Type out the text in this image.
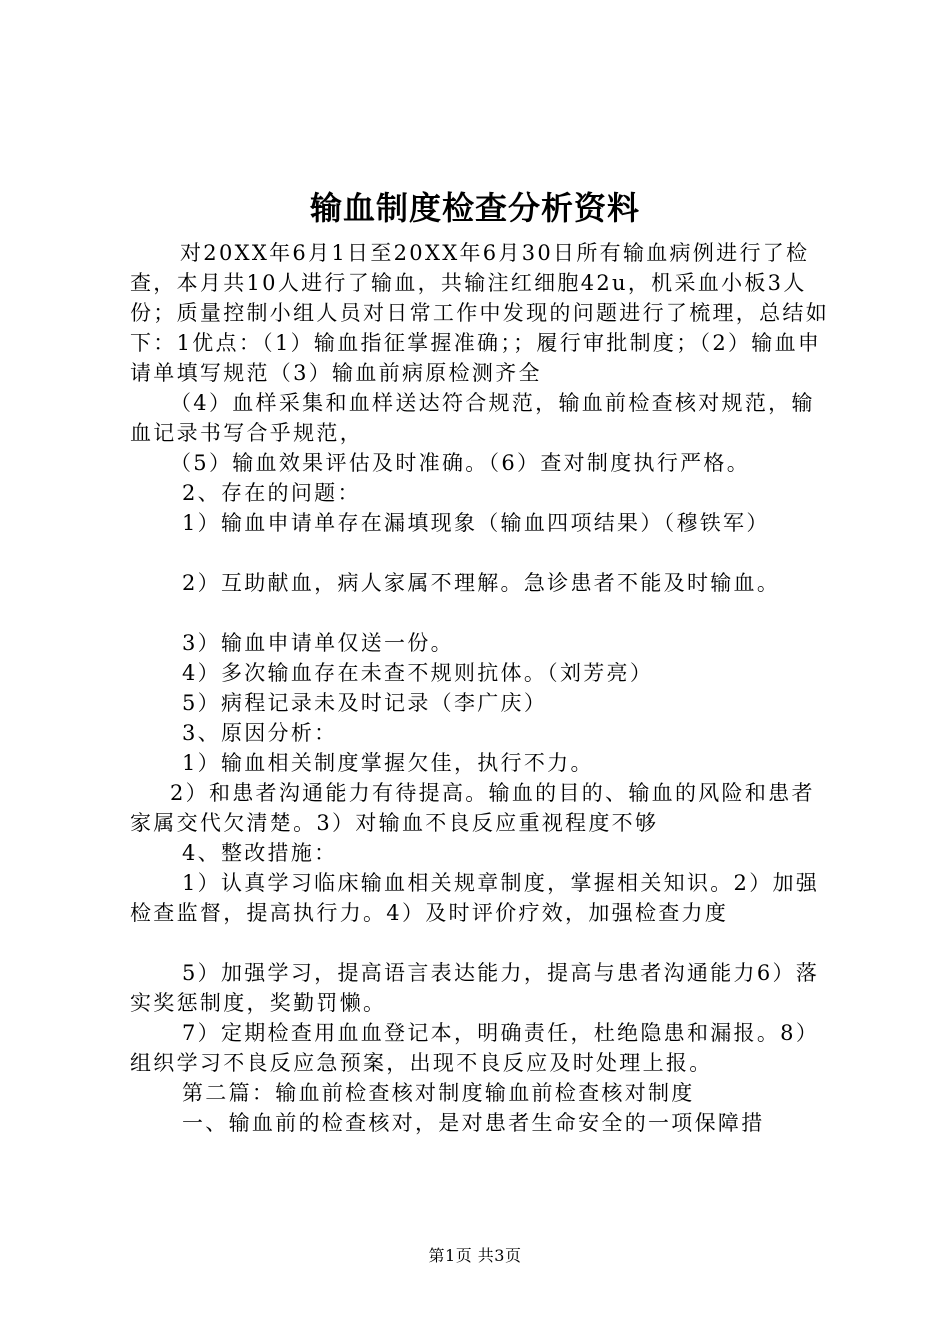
输血制度检查分析资料

对20XX年6月1日至20XX年6月30日所有输血病例进行了检查，本月共10人进行了输血，共输注红细胞42u，机采血小板3人份；质量控制小组人员对日常工作中发现的问题进行了梳理，总结如下：1优点：（1）输血指征掌握准确；；履行审批制度；（2）输血申请单填写规范（3）输血前病原检测齐全

（4）血样采集和血样送达符合规范，输血前检查核对规范，输血记录书写合乎规范，

（5）输血效果评估及时准确。（6）查对制度执行严格。

2、存在的问题：

1）输血申请单存在漏填现象（输血四项结果）（穆铁军）

2）互助献血，病人家属不理解。急诊患者不能及时输血。

3）输血申请单仅送一份。

4）多次输血存在未查不规则抗体。（刘芳亮）

5）病程记录未及时记录（李广庆）

3、原因分析：

1）输血相关制度掌握欠佳，执行不力。

2）和患者沟通能力有待提高。输血的目的、输血的风险和患者家属交代欠清楚。3）对输血不良反应重视程度不够

4、整改措施：

1）认真学习临床输血相关规章制度，掌握相关知识。2）加强检查监督，提高执行力。4）及时评价疗效，加强检查力度

5）加强学习，提高语言表达能力，提高与患者沟通能力6）落实奖惩制度，奖勤罚懒。

7）定期检查用血血登记本，明确责任，杜绝隐患和漏报。8）组织学习不良反应急预案，出现不良反应及时处理上报。

第二篇：输血前检查核对制度输血前检查核对制度

一、输血前的检查核对，是对患者生命安全的一项保障措

第1页 共3页
